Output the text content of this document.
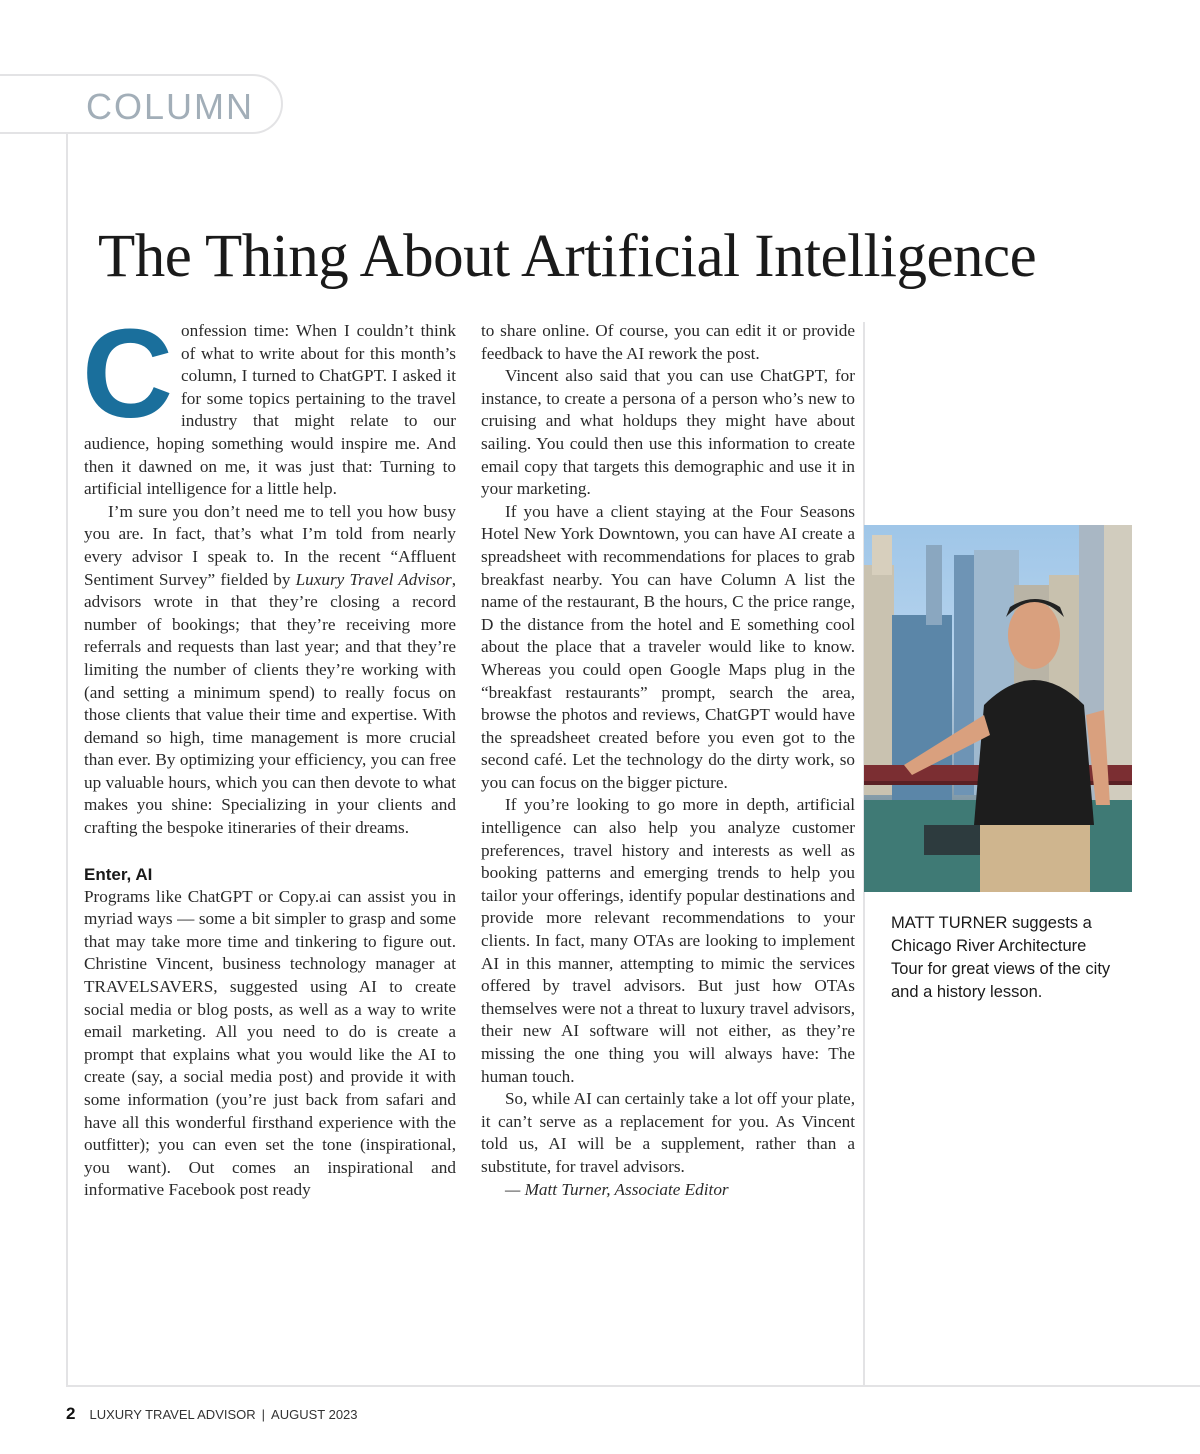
COLUMN
The Thing About Artificial Intelligence

Confession time: When I couldn’t think of what to write about for this month’s column, I turned to ChatGPT. I asked it for some topics pertaining to the travel industry that might relate to our audience, hoping something would inspire me. And then it dawned on me, it was just that: Turning to artificial intelligence for a little help.

I’m sure you don’t need me to tell you how busy you are. In fact, that’s what I’m told from nearly every advisor I speak to. In the recent “Affluent Sentiment Survey” fielded by Luxury Travel Advisor, advisors wrote in that they’re closing a record number of bookings; that they’re receiving more referrals and requests than last year; and that they’re limiting the number of clients they’re working with (and setting a minimum spend) to really focus on those clients that value their time and expertise. With demand so high, time management is more crucial than ever. By optimizing your efficiency, you can free up valuable hours, which you can then devote to what makes you shine: Specializing in your clients and crafting the bespoke itineraries of their dreams.

Enter, AI

Programs like ChatGPT or Copy.ai can assist you in myriad ways — some a bit simpler to grasp and some that may take more time and tinkering to figure out. Christine Vincent, business technology manager at TRAVELSAVERS, suggested using AI to create social media or blog posts, as well as a way to write email marketing. All you need to do is create a prompt that explains what you would like the AI to create (say, a social media post) and provide it with some information (you’re just back from safari and have all this wonderful firsthand experience with the outfitter); you can even set the tone (inspirational, you want). Out comes an inspirational and informative Facebook post ready

to share online. Of course, you can edit it or provide feedback to have the AI rework the post.

Vincent also said that you can use ChatGPT, for instance, to create a persona of a person who’s new to cruising and what holdups they might have about sailing. You could then use this information to create email copy that targets this demographic and use it in your marketing.

If you have a client staying at the Four Seasons Hotel New York Downtown, you can have AI create a spreadsheet with recommendations for places to grab breakfast nearby. You can have Column A list the name of the restaurant, B the hours, C the price range, D the distance from the hotel and E something cool about the place that a traveler would like to know. Whereas you could open Google Maps plug in the “breakfast restaurants” prompt, search the area, browse the photos and reviews, ChatGPT would have the spreadsheet created before you even got to the second café. Let the technology do the dirty work, so you can focus on the bigger picture.

If you’re looking to go more in depth, artificial intelligence can also help you analyze customer preferences, travel history and interests as well as booking patterns and emerging trends to help you tailor your offerings, identify popular destinations and provide more relevant recommendations to your clients. In fact, many OTAs are looking to implement AI in this manner, attempting to mimic the services offered by travel advisors. But just how OTAs themselves were not a threat to luxury travel advisors, their new AI software will not either, as they’re missing the one thing you will always have: The human touch.

So, while AI can certainly take a lot off your plate, it can’t serve as a replacement for you. As Vincent told us, AI will be a supplement, rather than a substitute, for travel advisors.

— Matt Turner, Associate Editor

MATT TURNER suggests a Chicago River Architecture Tour for great views of the city and a history lesson.
2 LUXURY TRAVEL ADVISOR | AUGUST 2023
